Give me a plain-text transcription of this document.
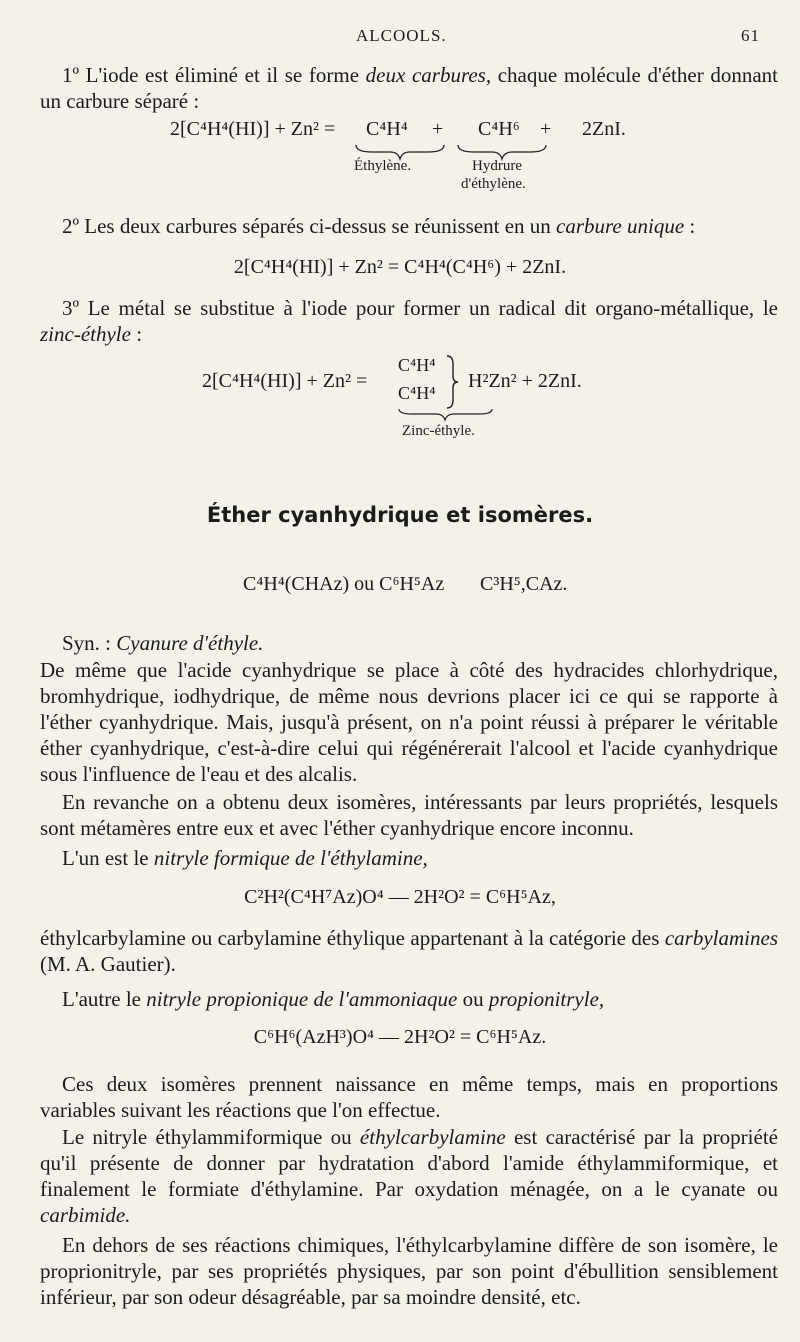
ALCOOLS.	61
1º L'iode est éliminé et il se forme deux carbures, chaque molécule d'éther donnant un carbure séparé :
2[C⁴H⁴(HI)] + Zn² = C⁴H⁴ + C⁴H⁶ + 2ZnI.
Éthylène.	Hydrure
d'éthylène.
2º Les deux carbures séparés ci-dessus se réunissent en un carbure unique :
2[C⁴H⁴(HI)] + Zn² = C⁴H⁴(C⁴H⁶) + 2ZnI.
3º Le métal se substitue à l'iode pour former un radical dit organo-métallique, le zinc-éthyle :
2[C⁴H⁴(HI)] + Zn² =
C⁴H⁴
C⁴H⁴
H²Zn² + 2ZnI.
Zinc-éthyle.
Éther cyanhydrique et isomères.
C⁴H⁴(CHAz) ou C⁶H⁵Az C³H⁵,CAz.
Syn. : Cyanure d'éthyle.
De même que l'acide cyanhydrique se place à côté des hydracides chlorhydrique, bromhydrique, iodhydrique, de même nous devrions placer ici ce qui se rapporte à l'éther cyanhydrique. Mais, jusqu'à présent, on n'a point réussi à préparer le véritable éther cyanhydrique, c'est-à-dire celui qui régénérerait l'alcool et l'acide cyanhydrique sous l'influence de l'eau et des alcalis.
En revanche on a obtenu deux isomères, intéressants par leurs propriétés, lesquels sont métamères entre eux et avec l'éther cyanhydrique encore inconnu.
L'un est le nitryle formique de l'éthylamine,
C²H²(C⁴H⁷Az)O⁴ — 2H²O² = C⁶H⁵Az,
éthylcarbylamine ou carbylamine éthylique appartenant à la catégorie des carbylamines (M. A. Gautier).
L'autre le nitryle propionique de l'ammoniaque ou propionitryle,
C⁶H⁶(AzH³)O⁴ — 2H²O² = C⁶H⁵Az.
Ces deux isomères prennent naissance en même temps, mais en proportions variables suivant les réactions que l'on effectue.
Le nitryle éthylammiformique ou éthylcarbylamine est caractérisé par la propriété qu'il présente de donner par hydratation d'abord l'amide éthylammiformique, et finalement le formiate d'éthylamine. Par oxydation ménagée, on a le cyanate ou carbimide.
En dehors de ses réactions chimiques, l'éthylcarbylamine diffère de son isomère, le proprionitryle, par ses propriétés physiques, par son point d'ébullition sensiblement inférieur, par son odeur désagréable, par sa moindre densité, etc.
